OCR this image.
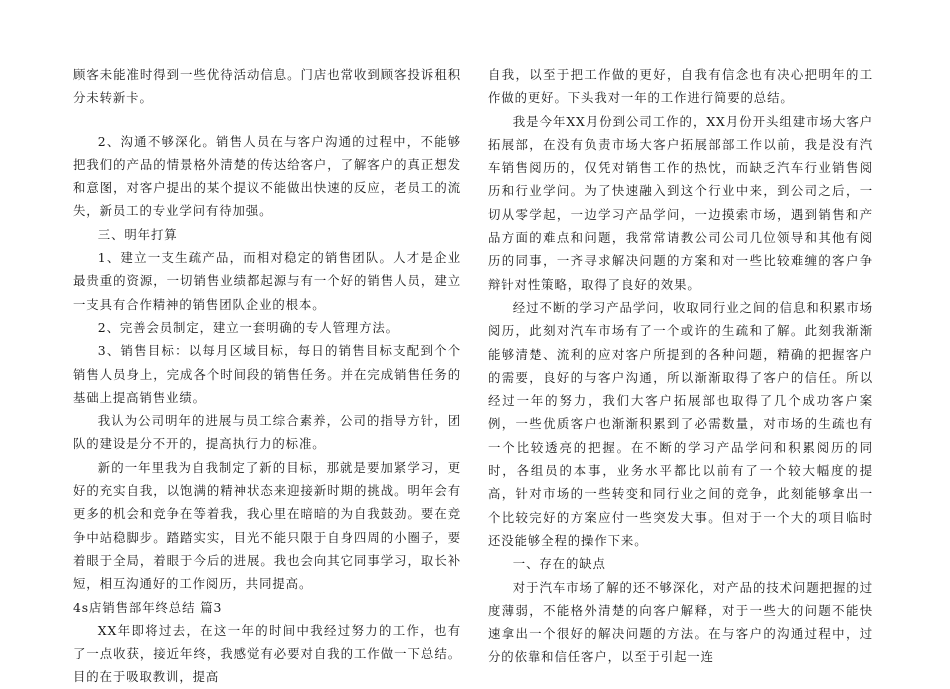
顾客未能准时得到一些优待活动信息。门店也常收到顾客投诉租积分未转新卡。

2、沟通不够深化。销售人员在与客户沟通的过程中，不能够把我们的产品的情景格外清楚的传达给客户，了解客户的真正想发和意图，对客户提出的某个提议不能做出快速的反应，老员工的流失，新员工的专业学问有待加强。

三、明年打算

1、建立一支生疏产品，而相对稳定的销售团队。人才是企业最贵重的资源，一切销售业绩都起源与有一个好的销售人员，建立一支具有合作精神的销售团队企业的根本。

2、完善会员制定，建立一套明确的专人管理方法。

3、销售目标：以每月区域目标，每日的销售目标支配到个个销售人员身上，完成各个时间段的销售任务。并在完成销售任务的基础上提高销售业绩。

我认为公司明年的进展与员工综合素养，公司的指导方针，团队的建设是分不开的，提高执行力的标准。

新的一年里我为自我制定了新的目标，那就是要加紧学习，更好的充实自我，以饱满的精神状态来迎接新时期的挑战。明年会有更多的机会和竞争在等着我，我心里在暗暗的为自我鼓劲。要在竞争中站稳脚步。踏踏实实，目光不能只限于自身四周的小圈子，要着眼于全局，着眼于今后的进展。我也会向其它同事学习，取长补短，相互沟通好的工作阅历，共同提高。

4s店销售部年终总结 篇3

XX年即将过去，在这一年的时间中我经过努力的工作，也有了一点收获，接近年终，我感觉有必要对自我的工作做一下总结。目的在于吸取教训，提高

自我，以至于把工作做的更好，自我有信念也有决心把明年的工作做的更好。下头我对一年的工作进行简要的总结。

我是今年XX月份到公司工作的，XX月份开头组建市场大客户拓展部，在没有负责市场大客户拓展部部工作以前，我是没有汽车销售阅历的，仅凭对销售工作的热忱，而缺乏汽车行业销售阅历和行业学问。为了快速融入到这个行业中来，到公司之后，一切从零学起，一边学习产品学问，一边摸索市场，遇到销售和产品方面的难点和问题，我常常请教公司公司几位领导和其他有阅历的同事，一齐寻求解决问题的方案和对一些比较难缠的客户争辩针对性策略，取得了良好的效果。

经过不断的学习产品学问，收取同行业之间的信息和积累市场阅历，此刻对汽车市场有了一个或许的生疏和了解。此刻我渐渐能够清楚、流利的应对客户所提到的各种问题，精确的把握客户的需要，良好的与客户沟通，所以渐渐取得了客户的信任。所以经过一年的努力，我们大客户拓展部也取得了几个成功客户案例，一些优质客户也渐渐积累到了必需数量，对市场的生疏也有一个比较透亮的把握。在不断的学习产品学问和积累阅历的同时，各组员的本事，业务水平都比以前有了一个较大幅度的提高，针对市场的一些转变和同行业之间的竞争，此刻能够拿出一个比较完好的方案应付一些突发大事。但对于一个大的项目临时还没能够全程的操作下来。

一、存在的缺点

对于汽车市场了解的还不够深化，对产品的技术问题把握的过度薄弱，不能格外清楚的向客户解释，对于一些大的问题不能快速拿出一个很好的解决问题的方法。在与客户的沟通过程中，过分的依靠和信任客户，以至于引起一连
